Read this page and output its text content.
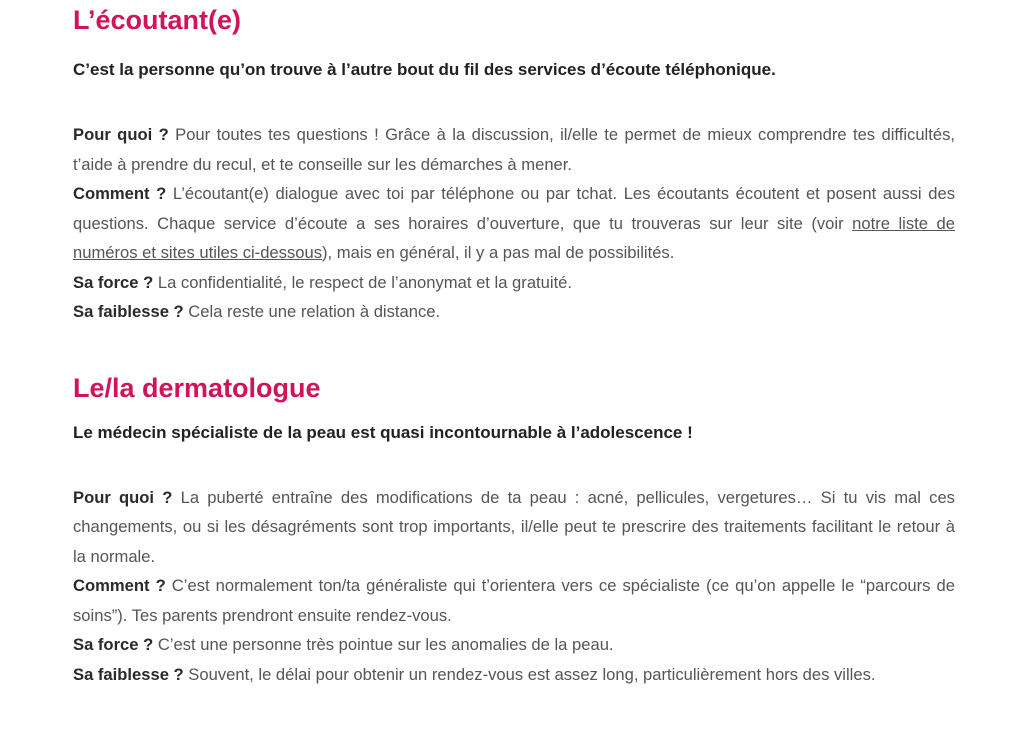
L’écoutant(e)

C’est la personne qu’on trouve à l’autre bout du fil des services d’écoute téléphonique.

Pour quoi ? Pour toutes tes questions ! Grâce à la discussion, il/elle te permet de mieux comprendre tes difficultés, t’aide à prendre du recul, et te conseille sur les démarches à mener.
Comment ? L’écoutant(e) dialogue avec toi par téléphone ou par tchat. Les écoutants écoutent et posent aussi des questions. Chaque service d’écoute a ses horaires d’ouverture, que tu trouveras sur leur site (voir notre liste de numéros et sites utiles ci-dessous), mais en général, il y a pas mal de possibilités.
Sa force ? La confidentialité, le respect de l’anonymat et la gratuité.
Sa faiblesse ? Cela reste une relation à distance.
Le/la dermatologue

Le médecin spécialiste de la peau est quasi incontournable à l’adolescence !

Pour quoi ? La puberté entraîne des modifications de ta peau : acné, pellicules, vergetures… Si tu vis mal ces changements, ou si les désagréments sont trop importants, il/elle peut te prescrire des traitements facilitant le retour à la normale.
Comment ? C’est normalement ton/ta généraliste qui t’orientera vers ce spécialiste (ce qu’on appelle le “parcours de soins”). Tes parents prendront ensuite rendez-vous.
Sa force ? C’est une personne très pointue sur les anomalies de la peau.
Sa faiblesse ? Souvent, le délai pour obtenir un rendez-vous est assez long, particulièrement hors des villes.
